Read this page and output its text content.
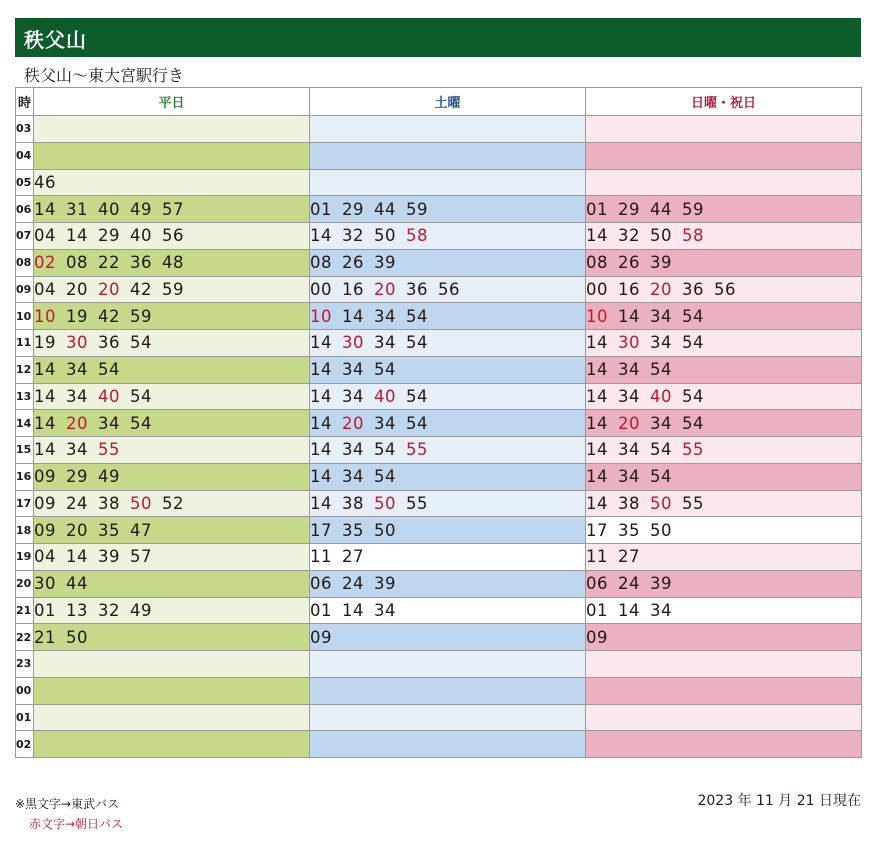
秩父山
秩父山〜東大宮駅行き
時	平日	土曜	日曜・祝日
03			
04			
05	46		
06	14 31 40 49 57	01 29 44 59	01 29 44 59
07	04 14 29 40 56	14 32 50 58	14 32 50 58
08	02 08 22 36 48	08 26 39	08 26 39
09	04 20 20 42 59	00 16 20 36 56	00 16 20 36 56
10	10 19 42 59	10 14 34 54	10 14 34 54
11	19 30 36 54	14 30 34 54	14 30 34 54
12	14 34 54	14 34 54	14 34 54
13	14 34 40 54	14 34 40 54	14 34 40 54
14	14 20 34 54	14 20 34 54	14 20 34 54
15	14 34 55	14 34 54 55	14 34 54 55
16	09 29 49	14 34 54	14 34 54
17	09 24 38 50 52	14 38 50 55	14 38 50 55
18	09 20 35 47	17 35 50	17 35 50
19	04 14 39 57	11 27	11 27
20	30 44	06 24 39	06 24 39
21	01 13 32 49	01 14 34	01 14 34
22	21 50	09	09
23			
00			
01			
02			
※黒文字→東武バス
赤文字→朝日バス
2023 年 11 月 21 日現在
